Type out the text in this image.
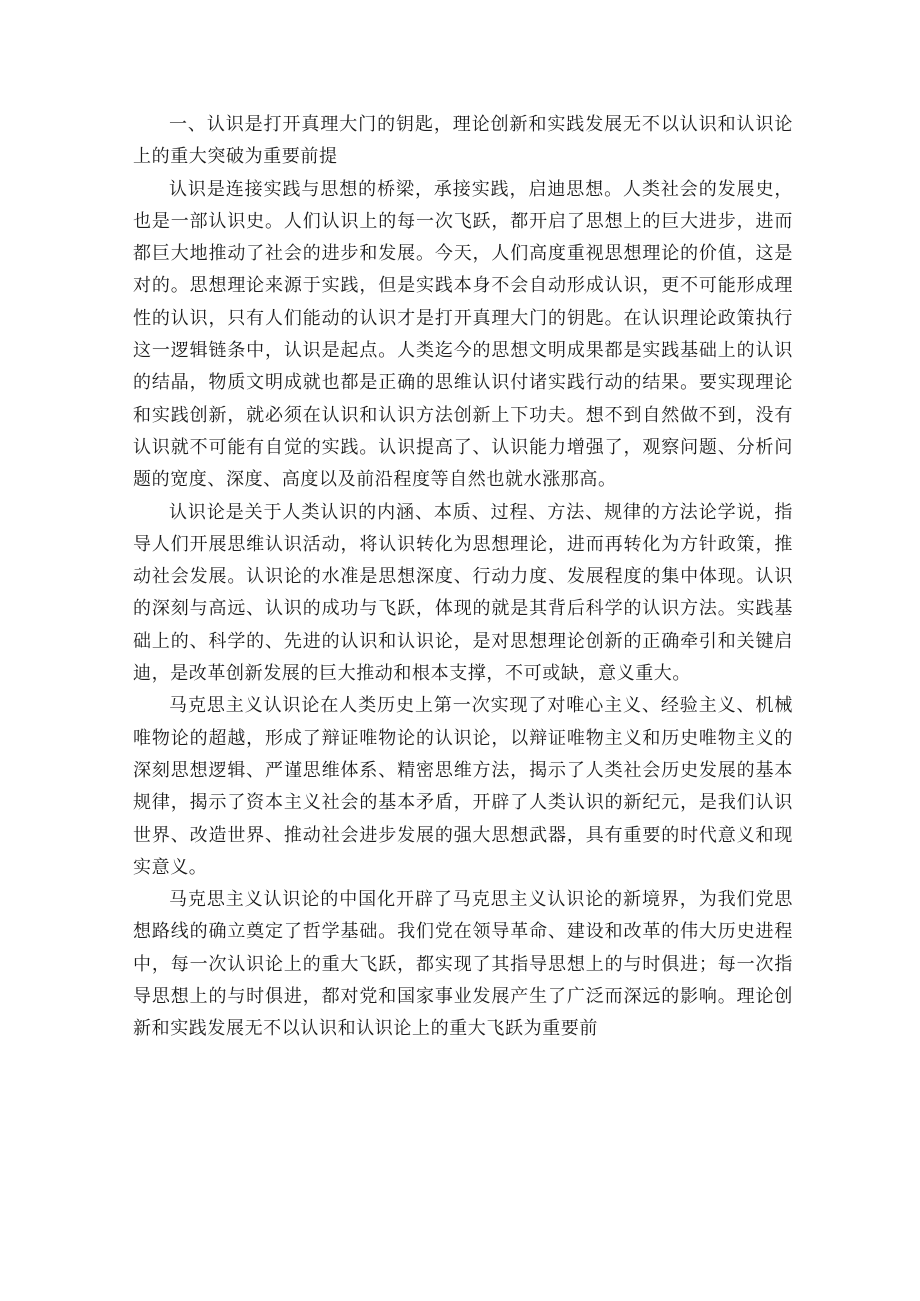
一、认识是打开真理大门的钥匙，理论创新和实践发展无不以认识和认识论上的重大突破为重要前提

认识是连接实践与思想的桥梁，承接实践，启迪思想。人类社会的发展史，也是一部认识史。人们认识上的每一次飞跃，都开启了思想上的巨大进步，进而都巨大地推动了社会的进步和发展。今天，人们高度重视思想理论的价值，这是对的。思想理论来源于实践，但是实践本身不会自动形成认识，更不可能形成理性的认识，只有人们能动的认识才是打开真理大门的钥匙。在认识理论政策执行这一逻辑链条中，认识是起点。人类迄今的思想文明成果都是实践基础上的认识的结晶，物质文明成就也都是正确的思维认识付诸实践行动的结果。要实现理论和实践创新，就必须在认识和认识方法创新上下功夫。想不到自然做不到，没有认识就不可能有自觉的实践。认识提高了、认识能力增强了，观察问题、分析问题的宽度、深度、高度以及前沿程度等自然也就水涨那高。

认识论是关于人类认识的内涵、本质、过程、方法、规律的方法论学说，指导人们开展思维认识活动，将认识转化为思想理论，进而再转化为方针政策，推动社会发展。认识论的水准是思想深度、行动力度、发展程度的集中体现。认识的深刻与高远、认识的成功与飞跃，体现的就是其背后科学的认识方法。实践基础上的、科学的、先进的认识和认识论，是对思想理论创新的正确牵引和关键启迪，是改革创新发展的巨大推动和根本支撑，不可或缺，意义重大。

马克思主义认识论在人类历史上第一次实现了对唯心主义、经验主义、机械唯物论的超越，形成了辩证唯物论的认识论，以辩证唯物主义和历史唯物主义的深刻思想逻辑、严谨思维体系、精密思维方法，揭示了人类社会历史发展的基本规律，揭示了资本主义社会的基本矛盾，开辟了人类认识的新纪元，是我们认识世界、改造世界、推动社会进步发展的强大思想武器，具有重要的时代意义和现实意义。

马克思主义认识论的中国化开辟了马克思主义认识论的新境界，为我们党思想路线的确立奠定了哲学基础。我们党在领导革命、建设和改革的伟大历史进程中，每一次认识论上的重大飞跃，都实现了其指导思想上的与时俱进；每一次指导思想上的与时俱进，都对党和国家事业发展产生了广泛而深远的影响。理论创新和实践发展无不以认识和认识论上的重大飞跃为重要前
